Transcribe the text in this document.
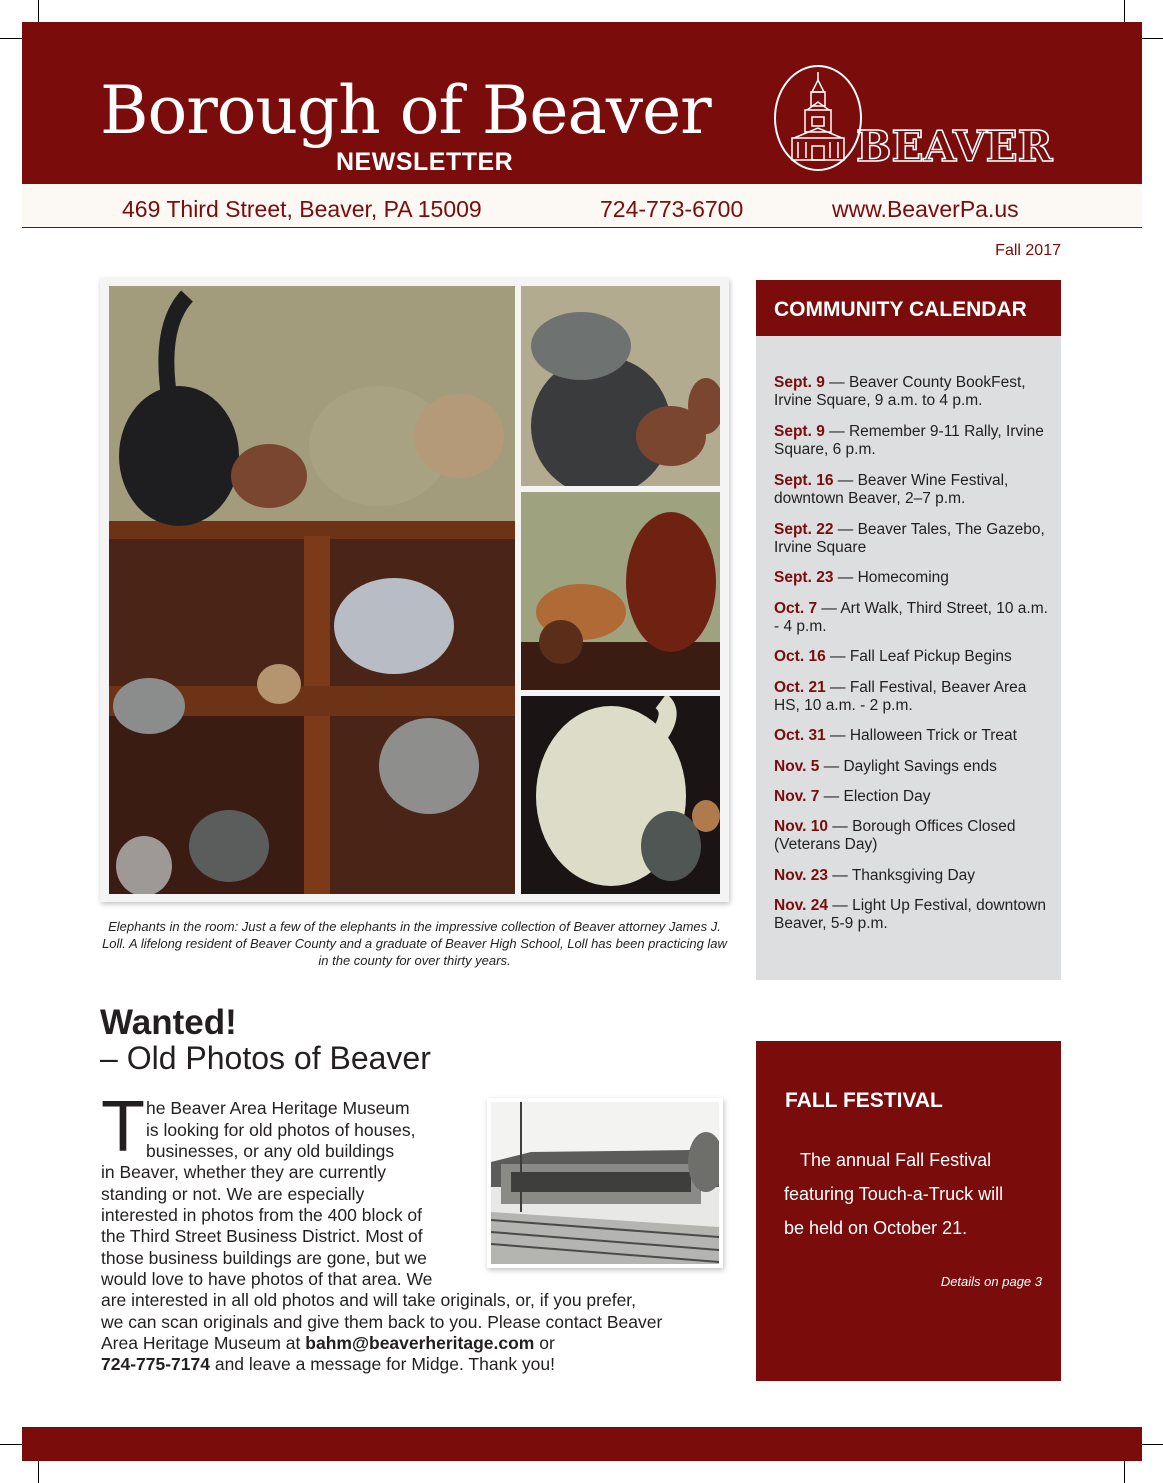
Borough of Beaver
NEWSLETTER	BEAVER
469 Third Street, Beaver, PA 15009	724-773-6700	www.BeaverPa.us
Fall 2017

Elephants in the room: Just a few of the elephants in the impressive collection of Beaver attorney James J. Loll. A lifelong resident of Beaver County and a graduate of Beaver High School, Loll has been practicing law in the county for over thirty years.

COMMUNITY CALENDAR

Sept. 9 — Beaver County BookFest, Irvine Square, 9 a.m. to 4 p.m.

Sept. 9 — Remember 9-11 Rally, Irvine Square, 6 p.m.

Sept. 16 — Beaver Wine Festival, downtown Beaver, 2–7 p.m.

Sept. 22 — Beaver Tales, The Gazebo, Irvine Square

Sept. 23 — Homecoming

Oct. 7 — Art Walk, Third Street, 10 a.m. - 4 p.m.

Oct. 16 — Fall Leaf Pickup Begins

Oct. 21 — Fall Festival, Beaver Area HS, 10 a.m. - 2 p.m.

Oct. 31 — Halloween Trick or Treat

Nov. 5 — Daylight Savings ends

Nov. 7 — Election Day

Nov. 10 — Borough Offices Closed (Veterans Day)

Nov. 23 — Thanksgiving Day

Nov. 24 — Light Up Festival, downtown Beaver, 5-9 p.m.

Wanted!
– Old Photos of Beaver
T he Beaver Area Heritage Museum

is looking for old photos of houses,

businesses, or any old buildings

in Beaver, whether they are currently

standing or not. We are especially

interested in photos from the 400 block of

the Third Street Business District. Most of

those business buildings are gone, but we

would love to have photos of that area. We

are interested in all old photos and will take originals, or, if you prefer,

we can scan originals and give them back to you. Please contact Beaver

Area Heritage Museum at bahm@beaverheritage.com or

724-775-7174 and leave a message for Midge. Thank you!

FALL FESTIVAL

The annual Fall Festival

featuring Touch-a-Truck will

be held on October 21.

Details on page 3
